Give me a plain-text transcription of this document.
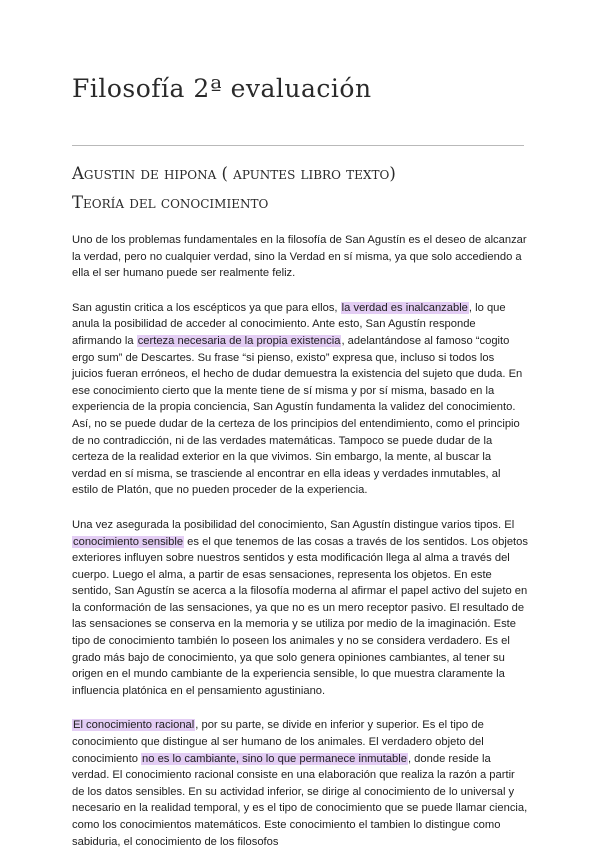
Filosofía 2ª evaluación
Agustin de hipona ( apuntes libro texto)
Teoría del conocimiento

Uno de los problemas fundamentales en la filosofía de San Agustín es el deseo de alcanzar la verdad, pero no cualquier verdad, sino la Verdad en sí misma, ya que solo accediendo a ella el ser humano puede ser realmente feliz.

San agustin critica a los escépticos ya que para ellos, la verdad es inalcanzable, lo que anula la posibilidad de acceder al conocimiento. Ante esto, San Agustín responde afirmando la certeza necesaria de la propia existencia, adelantándose al famoso “cogito ergo sum” de Descartes. Su frase “si pienso, existo” expresa que, incluso si todos los juicios fueran erróneos, el hecho de dudar demuestra la existencia del sujeto que duda. En ese conocimiento cierto que la mente tiene de sí misma y por sí misma, basado en la experiencia de la propia conciencia, San Agustín fundamenta la validez del conocimiento. Así, no se puede dudar de la certeza de los principios del entendimiento, como el principio de no contradicción, ni de las verdades matemáticas. Tampoco se puede dudar de la certeza de la realidad exterior en la que vivimos. Sin embargo, la mente, al buscar la verdad en sí misma, se trasciende al encontrar en ella ideas y verdades inmutables, al estilo de Platón, que no pueden proceder de la experiencia.

Una vez asegurada la posibilidad del conocimiento, San Agustín distingue varios tipos. El conocimiento sensible es el que tenemos de las cosas a través de los sentidos. Los objetos exteriores influyen sobre nuestros sentidos y esta modificación llega al alma a través del cuerpo. Luego el alma, a partir de esas sensaciones, representa los objetos. En este sentido, San Agustín se acerca a la filosofía moderna al afirmar el papel activo del sujeto en la conformación de las sensaciones, ya que no es un mero receptor pasivo. El resultado de las sensaciones se conserva en la memoria y se utiliza por medio de la imaginación. Este tipo de conocimiento también lo poseen los animales y no se considera verdadero. Es el grado más bajo de conocimiento, ya que solo genera opiniones cambiantes, al tener su origen en el mundo cambiante de la experiencia sensible, lo que muestra claramente la influencia platónica en el pensamiento agustiniano.

El conocimiento racional, por su parte, se divide en inferior y superior. Es el tipo de conocimiento que distingue al ser humano de los animales. El verdadero objeto del conocimiento no es lo cambiante, sino lo que permanece inmutable, donde reside la verdad. El conocimiento racional consiste en una elaboración que realiza la razón a partir de los datos sensibles. En su actividad inferior, se dirige al conocimiento de lo universal y necesario en la realidad temporal, y es el tipo de conocimiento que se puede llamar ciencia, como los conocimientos matemáticos. Este conocimiento el tambien lo distingue como sabiduria, el conocimiento de los filosofos
